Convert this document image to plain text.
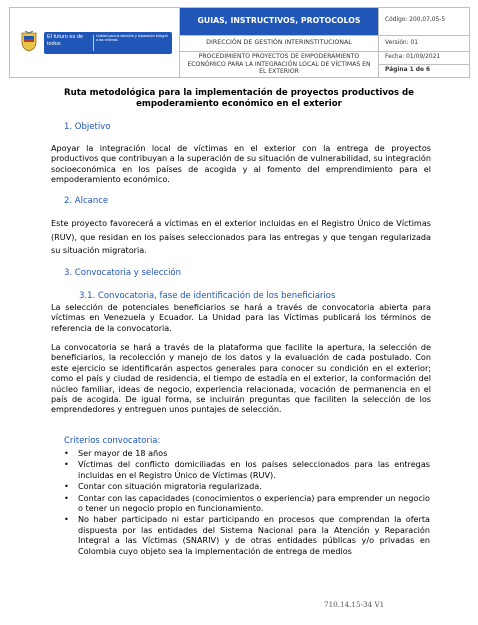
El futuro es de todos
Unidad para la atención y reparación integral a las víctimas
GUIAS, INSTRUCTIVOS, PROTOCOLOS
DIRECCIÓN DE GESTIÓN INTERINSTITUCIONAL
PROCEDIMIENTO PROYECTOS DE EMPODERAMIENTO ECONÓMICO PARA LA INTEGRACIÓN LOCAL DE VÍCTIMAS EN EL EXTERIOR
Código: 200,07,05-5
Versión: 01
Fecha: 01/09/2021
Página 1 de 6
Ruta metodológica para la implementación de proyectos productivos de empoderamiento económico en el exterior
1. Objetivo
Apoyar la integración local de víctimas en el exterior con la entrega de proyectos productivos que contribuyan a la superación de su situación de vulnerabilidad, su integración socioeconómica en los países de acogida y al fomento del emprendimiento para el empoderamiento económico.
2. Alcance
Este proyecto favorecerá a víctimas en el exterior incluidas en el Registro Único de Víctimas (RUV), que residan en los países seleccionados para las entregas y que tengan regularizada su situación migratoria.
3. Convocatoria y selección
3.1. Convocatoria, fase de identificación de los beneficiarios
La selección de potenciales beneficiarios se hará a través de convocatoria abierta para víctimas en Venezuela y Ecuador. La Unidad para las Víctimas publicará los términos de referencia de la convocatoria.
La convocatoria se hará a través de la plataforma que facilite la apertura, la selección de beneficiarios, la recolección y manejo de los datos y la evaluación de cada postulado. Con este ejercicio se identificarán aspectos generales para conocer su condición en el exterior; como el país y ciudad de residencia, el tiempo de estadía en el exterior, la conformación del núcleo familiar, ideas de negocio, experiencia relacionada, vocación de permanencia en el país de acogida. De igual forma, se incluirán preguntas que faciliten la selección de los emprendedores y entreguen unos puntajes de selección.
Criterios convocatoria:
• Ser mayor de 18 años
• Víctimas del conflicto domiciliadas en los países seleccionados para las entregas incluidas en el Registro Único de Víctimas (RUV).
• Contar con situación migratoria regularizada.
• Contar con las capacidades (conocimientos o experiencia) para emprender un negocio o tener un negocio propio en funcionamiento.
• No haber participado ni estar participando en procesos que comprendan la oferta dispuesta por las entidades del Sistema Nacional para la Atención y Reparación Integral a las Víctimas (SNARIV) y de otras entidades públicas y/o privadas en Colombia cuyo objeto sea la implementación de entrega de medios
710.14.15-34 V1
